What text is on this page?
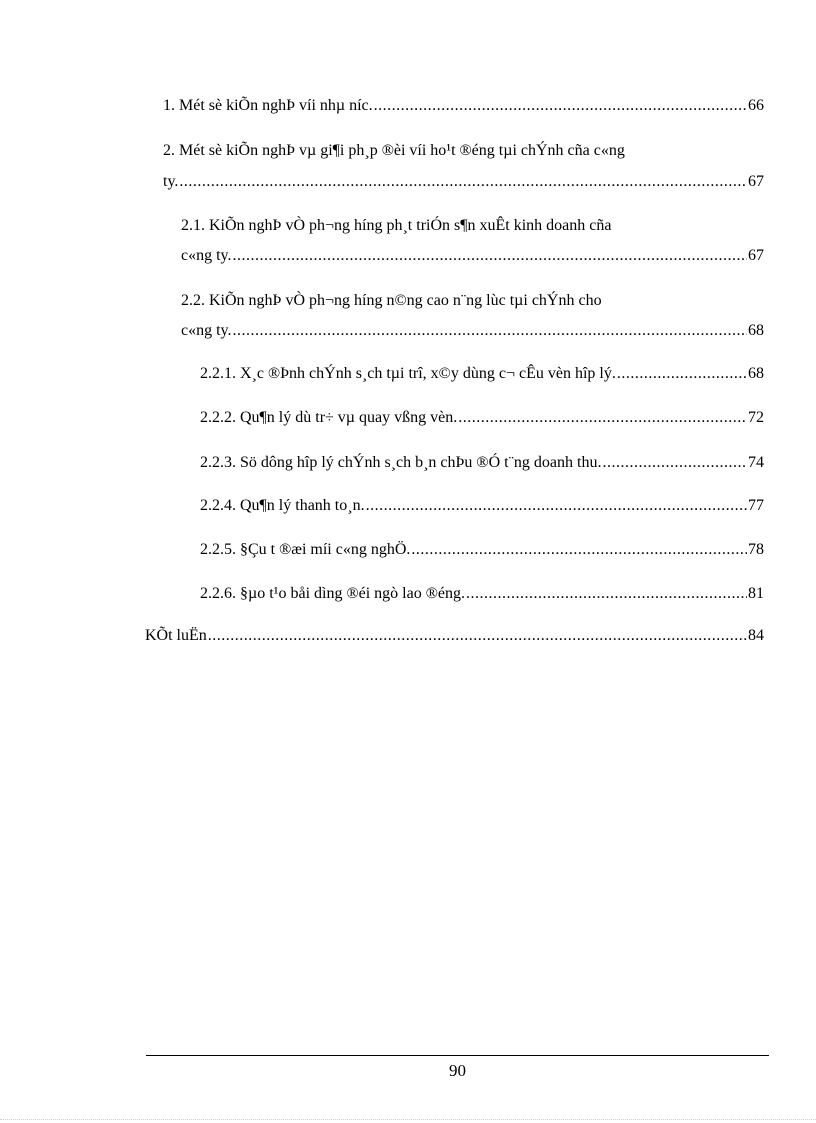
1. Mét sè kiÕn nghÞ víi nhµ níc. .....	66
2. Mét sè kiÕn nghÞ vµ gi¶i ph¸p ®èi víi ho¹t ®éng tµi chÝnh cña c«ng
ty. .....	67
2.1. KiÕn nghÞ vÒ ph¬ng híng ph¸t triÓn s¶n xuÊt kinh doanh cña
c«ng ty. .....	67
2.2. KiÕn nghÞ vÒ ph¬ng híng n©ng cao n¨ng lùc tµi chÝnh cho
c«ng ty. .....	68
2.2.1. X¸c ®Þnh chÝnh s¸ch tµi trî, x©y dùng c¬ cÊu vèn hîp lý. .....	68
2.2.2. Qu¶n lý dù tr÷ vµ quay vßng vèn. .....	72
2.2.3. Sö dông hîp lý chÝnh s¸ch b¸n chÞu ®Ó t¨ng doanh thu. .....	74
2.2.4. Qu¶n lý thanh to¸n. .....	77
2.2.5. §Çu t ®æi míi c«ng nghÖ. .....	78
2.2.6. §µo t¹o båi dìng ®éi ngò lao ®éng. .....	81
KÕt luËn .....	84
90
